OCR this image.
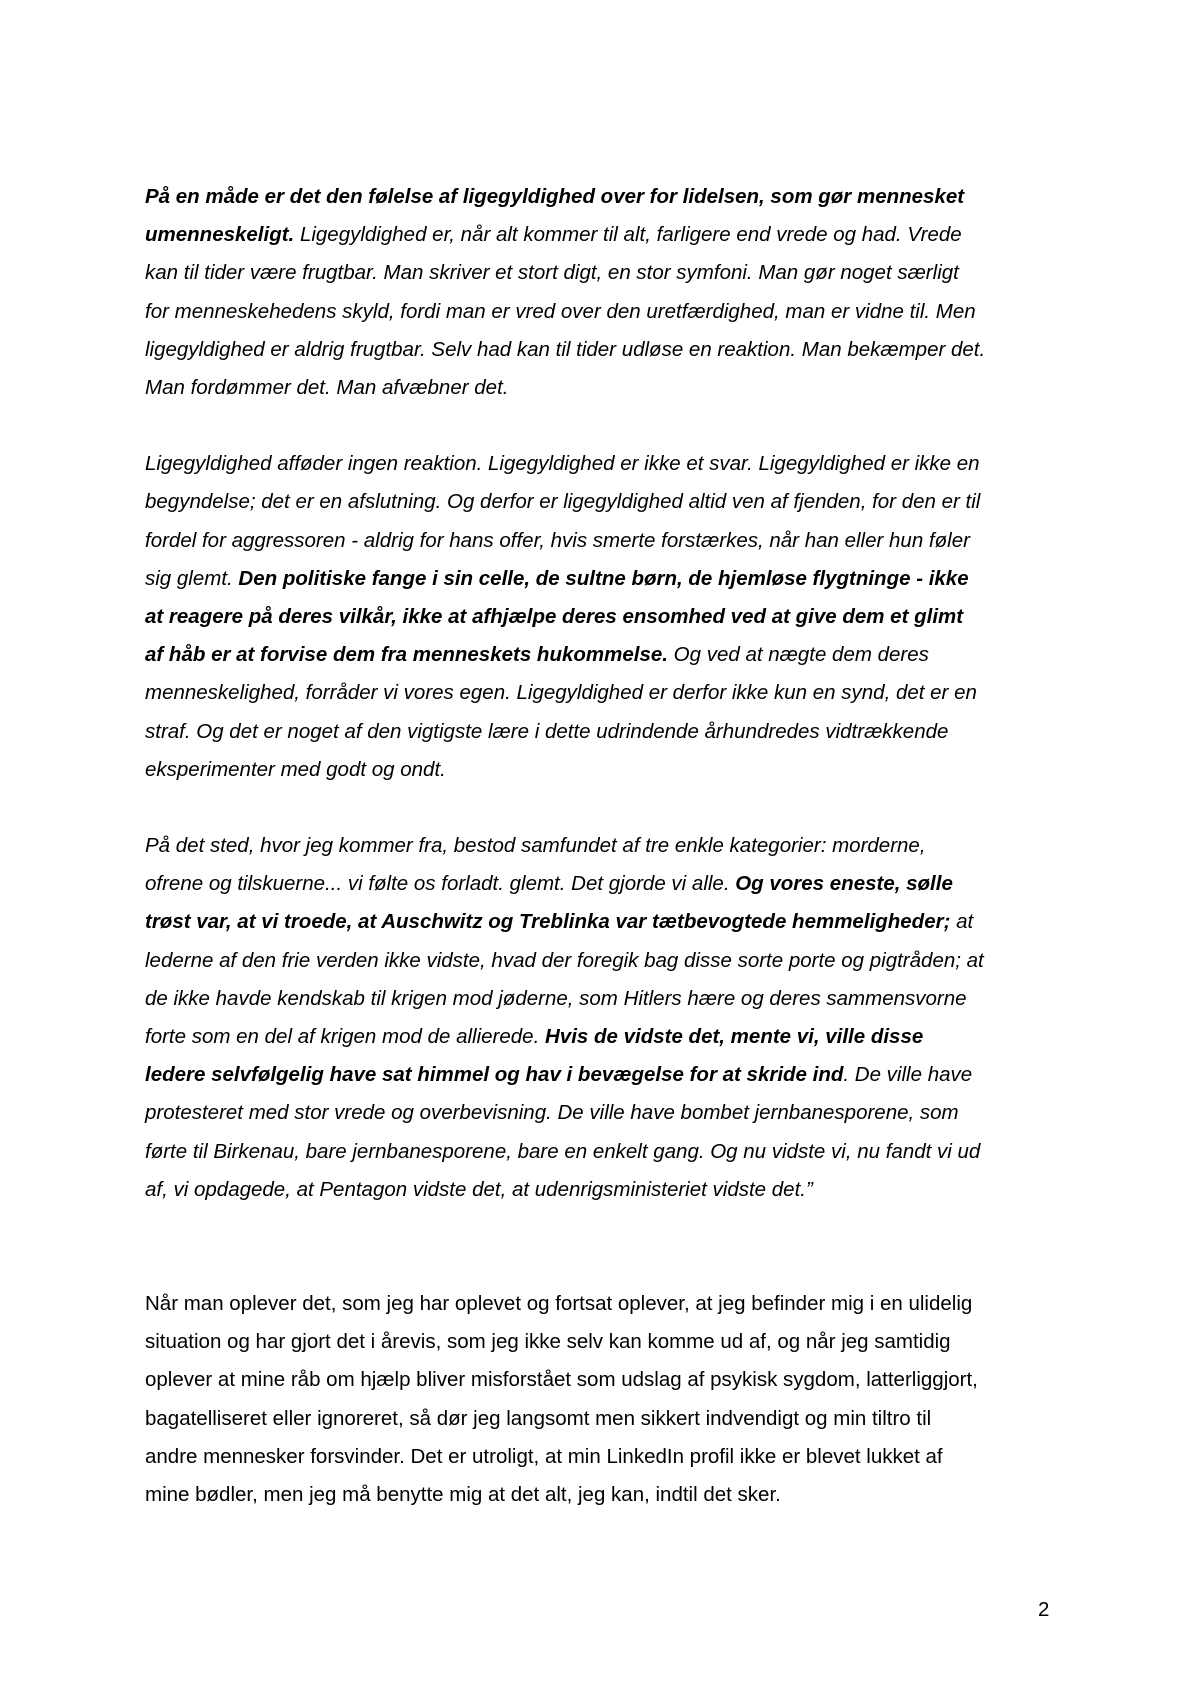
På en måde er det den følelse af ligegyldighed over for lidelsen, som gør mennesket
umenneskeligt. Ligegyldighed er, når alt kommer til alt, farligere end vrede og had. Vrede
kan til tider være frugtbar. Man skriver et stort digt, en stor symfoni. Man gør noget særligt
for menneskehedens skyld, fordi man er vred over den uretfærdighed, man er vidne til. Men
ligegyldighed er aldrig frugtbar. Selv had kan til tider udløse en reaktion. Man bekæmper det.
Man fordømmer det. Man afvæbner det.

Ligegyldighed afføder ingen reaktion. Ligegyldighed er ikke et svar. Ligegyldighed er ikke en
begyndelse; det er en afslutning. Og derfor er ligegyldighed altid ven af fjenden, for den er til
fordel for aggressoren - aldrig for hans offer, hvis smerte forstærkes, når han eller hun føler
sig glemt. Den politiske fange i sin celle, de sultne børn, de hjemløse flygtninge - ikke
at reagere på deres vilkår, ikke at afhjælpe deres ensomhed ved at give dem et glimt
af håb er at forvise dem fra menneskets hukommelse. Og ved at nægte dem deres
menneskelighed, forråder vi vores egen. Ligegyldighed er derfor ikke kun en synd, det er en
straf. Og det er noget af den vigtigste lære i dette udrindende århundredes vidtrækkende
eksperimenter med godt og ondt.

På det sted, hvor jeg kommer fra, bestod samfundet af tre enkle kategorier: morderne,
ofrene og tilskuerne... vi følte os forladt. glemt. Det gjorde vi alle. Og vores eneste, sølle
trøst var, at vi troede, at Auschwitz og Treblinka var tætbevogtede hemmeligheder; at
lederne af den frie verden ikke vidste, hvad der foregik bag disse sorte porte og pigtråden; at
de ikke havde kendskab til krigen mod jøderne, som Hitlers hære og deres sammensvorne
forte som en del af krigen mod de allierede. Hvis de vidste det, mente vi, ville disse
ledere selvfølgelig have sat himmel og hav i bevægelse for at skride ind. De ville have
protesteret med stor vrede og overbevisning. De ville have bombet jernbanesporene, som
førte til Birkenau, bare jernbanesporene, bare en enkelt gang. Og nu vidste vi, nu fandt vi ud
af, vi opdagede, at Pentagon vidste det, at udenrigsministeriet vidste det.”

Når man oplever det, som jeg har oplevet og fortsat oplever, at jeg befinder mig i en ulidelig
situation og har gjort det i årevis, som jeg ikke selv kan komme ud af, og når jeg samtidig
oplever at mine råb om hjælp bliver misforstået som udslag af psykisk sygdom, latterliggjort,
bagatelliseret eller ignoreret, så dør jeg langsomt men sikkert indvendigt og min tiltro til
andre mennesker forsvinder. Det er utroligt, at min LinkedIn profil ikke er blevet lukket af
mine bødler, men jeg må benytte mig at det alt, jeg kan, indtil det sker.

2
